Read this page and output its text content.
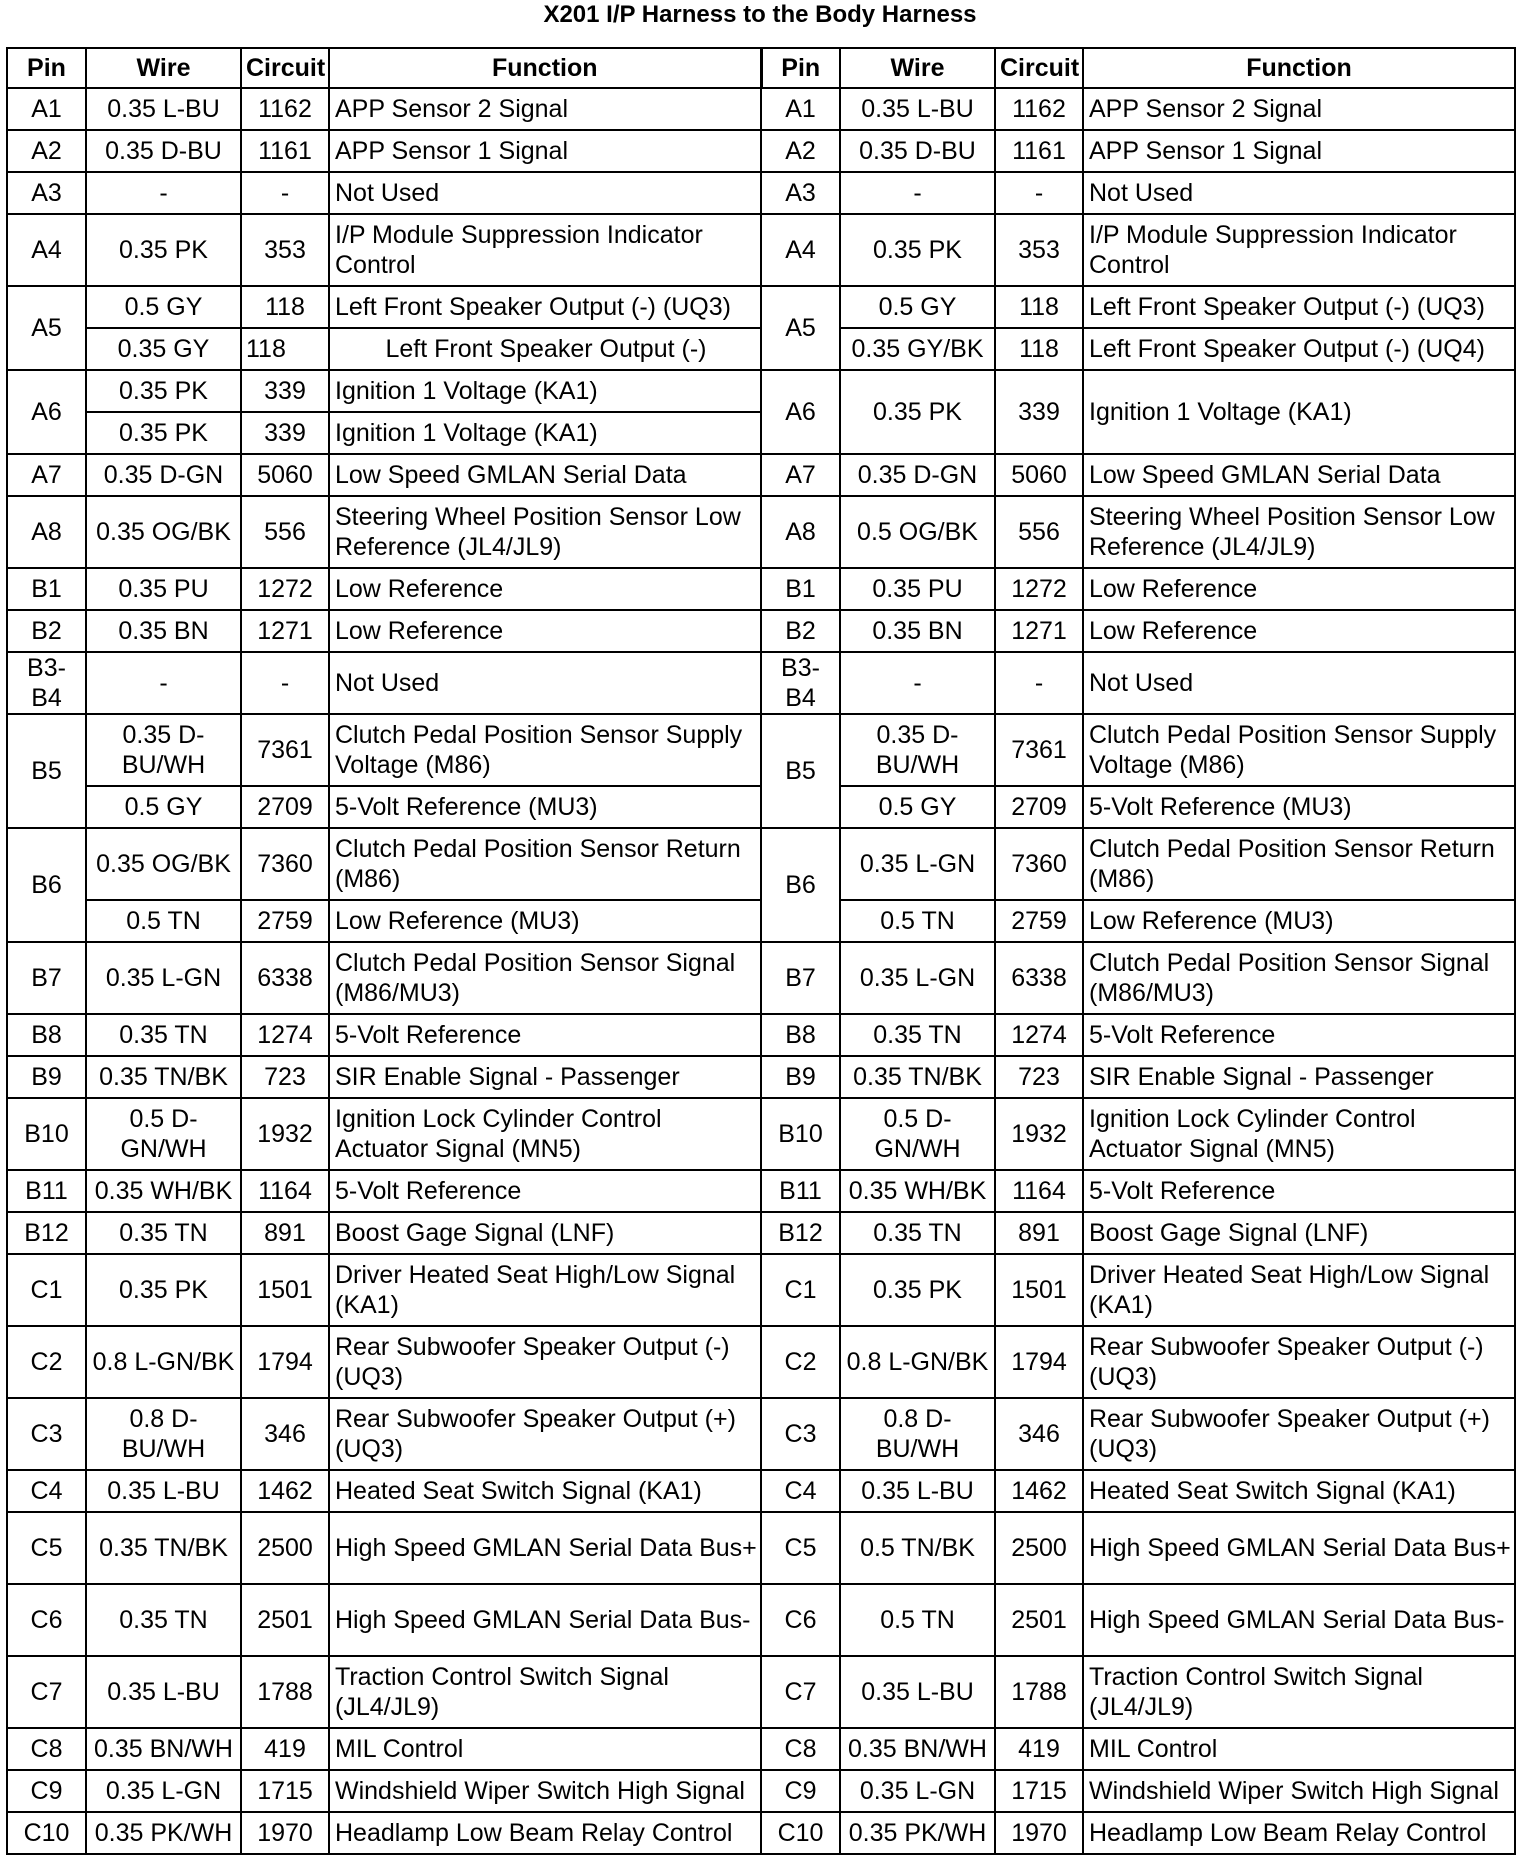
X201 I/P Harness to the Body Harness
Pin	Wire	Circuit	Function	Pin	Wire	Circuit	Function
A1	0.35 L-BU	1162	APP Sensor 2 Signal	A1	0.35 L-BU	1162	APP Sensor 2 Signal
A2	0.35 D-BU	1161	APP Sensor 1 Signal	A2	0.35 D-BU	1161	APP Sensor 1 Signal
A3	-	-	Not Used	A3	-	-	Not Used
A4	0.35 PK	353	I/P Module Suppression Indicator Control	A4	0.35 PK	353	I/P Module Suppression Indicator Control
A5	0.5 GY	118	Left Front Speaker Output (-) (UQ3)	A5	0.5 GY	118	Left Front Speaker Output (-) (UQ3)
	0.35 GY	118	Left Front Speaker Output (-)		0.35 GY/BK	118	Left Front Speaker Output (-) (UQ4)
A6	0.35 PK	339	Ignition 1 Voltage (KA1)	A6	0.35 PK	339	Ignition 1 Voltage (KA1)
	0.35 PK	339	Ignition 1 Voltage (KA1)				
A7	0.35 D-GN	5060	Low Speed GMLAN Serial Data	A7	0.35 D-GN	5060	Low Speed GMLAN Serial Data
A8	0.35 OG/BK	556	Steering Wheel Position Sensor Low Reference (JL4/JL9)	A8	0.5 OG/BK	556	Steering Wheel Position Sensor Low Reference (JL4/JL9)
B1	0.35 PU	1272	Low Reference	B1	0.35 PU	1272	Low Reference
B2	0.35 BN	1271	Low Reference	B2	0.35 BN	1271	Low Reference
B3-B4	-	-	Not Used	B3-B4	-	-	Not Used
B5	0.35 D-BU/WH	7361	Clutch Pedal Position Sensor Supply Voltage (M86)	B5	0.35 D-BU/WH	7361	Clutch Pedal Position Sensor Supply Voltage (M86)
	0.5 GY	2709	5-Volt Reference (MU3)		0.5 GY	2709	5-Volt Reference (MU3)
B6	0.35 OG/BK	7360	Clutch Pedal Position Sensor Return (M86)	B6	0.35 L-GN	7360	Clutch Pedal Position Sensor Return (M86)
	0.5 TN	2759	Low Reference (MU3)		0.5 TN	2759	Low Reference (MU3)
B7	0.35 L-GN	6338	Clutch Pedal Position Sensor Signal (M86/MU3)	B7	0.35 L-GN	6338	Clutch Pedal Position Sensor Signal (M86/MU3)
B8	0.35 TN	1274	5-Volt Reference	B8	0.35 TN	1274	5-Volt Reference
B9	0.35 TN/BK	723	SIR Enable Signal - Passenger	B9	0.35 TN/BK	723	SIR Enable Signal - Passenger
B10	0.5 D-GN/WH	1932	Ignition Lock Cylinder Control Actuator Signal (MN5)	B10	0.5 D-GN/WH	1932	Ignition Lock Cylinder Control Actuator Signal (MN5)
B11	0.35 WH/BK	1164	5-Volt Reference	B11	0.35 WH/BK	1164	5-Volt Reference
B12	0.35 TN	891	Boost Gage Signal (LNF)	B12	0.35 TN	891	Boost Gage Signal (LNF)
C1	0.35 PK	1501	Driver Heated Seat High/Low Signal (KA1)	C1	0.35 PK	1501	Driver Heated Seat High/Low Signal (KA1)
C2	0.8 L-GN/BK	1794	Rear Subwoofer Speaker Output (-) (UQ3)	C2	0.8 L-GN/BK	1794	Rear Subwoofer Speaker Output (-) (UQ3)
C3	0.8 D-BU/WH	346	Rear Subwoofer Speaker Output (+) (UQ3)	C3	0.8 D-BU/WH	346	Rear Subwoofer Speaker Output (+) (UQ3)
C4	0.35 L-BU	1462	Heated Seat Switch Signal (KA1)	C4	0.35 L-BU	1462	Heated Seat Switch Signal (KA1)
C5	0.35 TN/BK	2500	High Speed GMLAN Serial Data Bus+	C5	0.5 TN/BK	2500	High Speed GMLAN Serial Data Bus+
C6	0.35 TN	2501	High Speed GMLAN Serial Data Bus-	C6	0.5 TN	2501	High Speed GMLAN Serial Data Bus-
C7	0.35 L-BU	1788	Traction Control Switch Signal (JL4/JL9)	C7	0.35 L-BU	1788	Traction Control Switch Signal (JL4/JL9)
C8	0.35 BN/WH	419	MIL Control	C8	0.35 BN/WH	419	MIL Control
C9	0.35 L-GN	1715	Windshield Wiper Switch High Signal	C9	0.35 L-GN	1715	Windshield Wiper Switch High Signal
C10	0.35 PK/WH	1970	Headlamp Low Beam Relay Control	C10	0.35 PK/WH	1970	Headlamp Low Beam Relay Control
